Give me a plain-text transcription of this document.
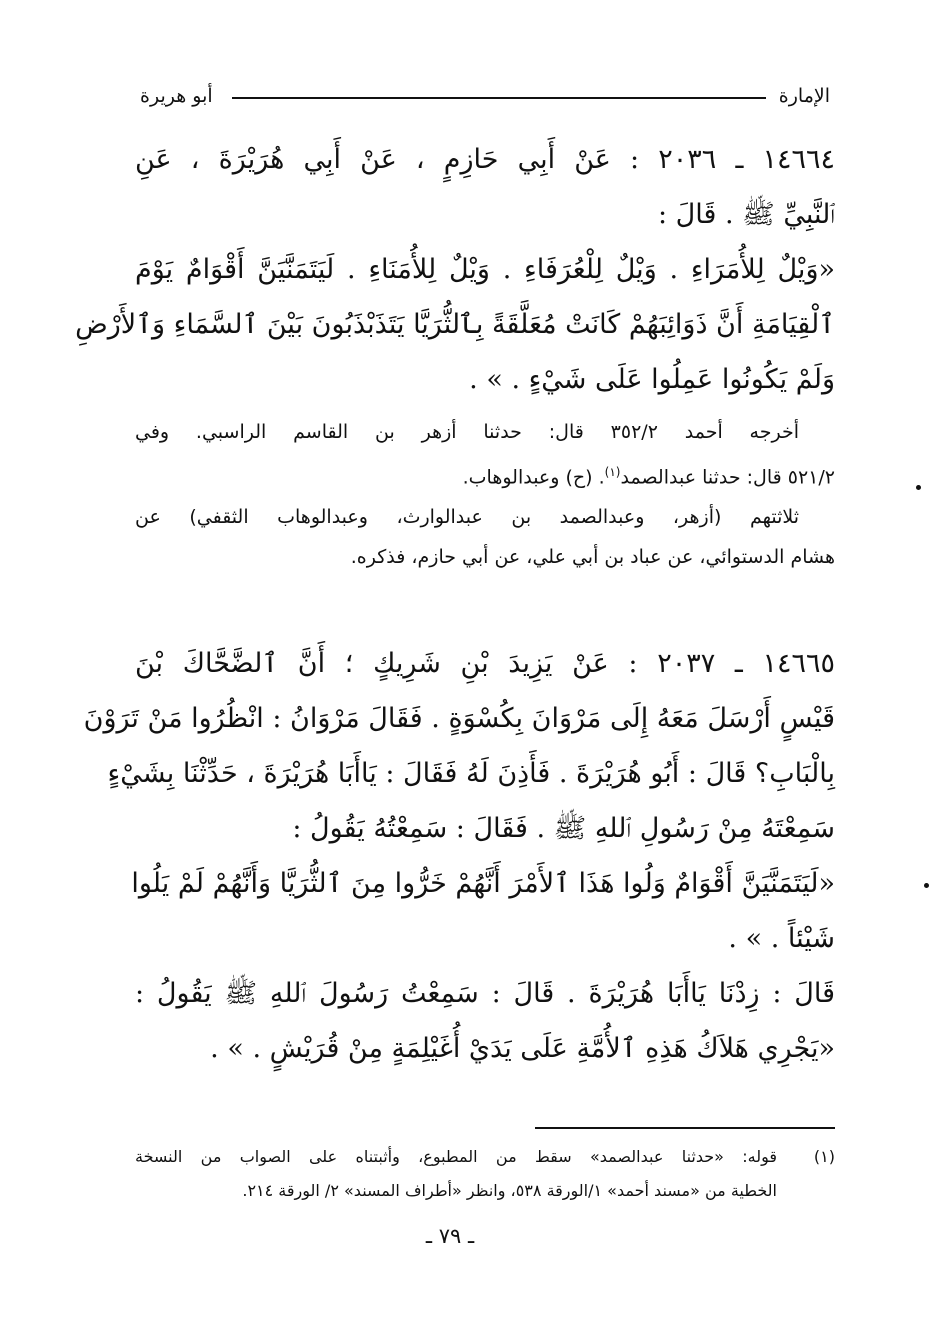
الإمارة
أبو هريرة
١٤٦٦٤ ـ ٢٠٣٦ : عَنْ أَبِي حَازِمٍ ، عَنْ أَبِي هُرَيْرَةَ ، عَنِ
ٱلنَّبِيِّ ﷺ . قَالَ :
«وَيْلٌ لِلأُمَرَاءِ . وَيْلٌ لِلْعُرَفَاءِ . وَيْلٌ لِلأُمَنَاءِ . لَيَتَمَنَّيَنَّ أَقْوَامٌ يَوْمَ
ٱلْقِيَامَةِ أَنَّ ذَوَائِبَهُمْ كَانَتْ مُعَلَّقَةً بِٱلثُّرَيَّا يَتَذَبْذَبُونَ بَيْنَ ٱلسَّمَاءِ وَٱلأَرْضِ
وَلَمْ يَكُونُوا عَمِلُوا عَلَى شَيْءٍ . » .
أخرجه أحمد ٣٥٢/٢ قال: حدثنا أزهر بن القاسم الراسبي. وفي
٥٢١/٢ قال: حدثنا عبدالصمد$^{(١)}$. (ح) وعبدالوهاب.
ثلاثتهم (أزهر، وعبدالصمد بن عبدالوارث، وعبدالوهاب الثقفي) عن
هشام الدستوائي، عن عباد بن أبي علي، عن أبي حازم، فذكره.
١٤٦٦٥ ـ ٢٠٣٧ : عَنْ يَزِيدَ بْنِ شَرِيكٍ ؛ أَنَّ ٱلضَّحَّاكَ بْنَ
قَيْسٍ أَرْسَلَ مَعَهُ إِلَى مَرْوَانَ بِكُسْوَةٍ . فَقَالَ مَرْوَانُ : انْظُرُوا مَنْ تَرَوْنَ
بِالْبَابِ؟ قَالَ : أَبُو هُرَيْرَةَ . فَأَذِنَ لَهُ فَقَالَ : يَاأَبَا هُرَيْرَةَ ، حَدِّثْنَا بِشَيْءٍ
سَمِعْتَهُ مِنْ رَسُولِ ٱللهِ ﷺ . فَقَالَ : سَمِعْتُهُ يَقُولُ :
«لَيَتَمَنَّيَنَّ أَقْوَامٌ وَلُوا هَذَا ٱلأَمْرَ أَنَّهُمْ خَرُّوا مِنَ ٱلثُّرَيَّا وَأَنَّهُمْ لَمْ يَلُوا
شَيْئاً . » .
قَالَ : زِدْنَا يَاأَبَا هُرَيْرَةَ . قَالَ : سَمِعْتُ رَسُولَ ٱللهِ ﷺ يَقُولُ :
«يَجْرِي هَلاَكُ هَذِهِ ٱلأُمَّةِ عَلَى يَدَيْ أُغَيْلِمَةٍ مِنْ قُرَيْشٍ . » .
(١)
قوله: «حدثنا عبدالصمد» سقط من المطبوع، وأثبتناه على الصواب من النسخة
الخطية من «مسند أحمد» ١/الورقة ٥٣٨، وانظر «أطراف المسند» ٢/ الورقة ٢١٤.
ـ ٧٩ ـ
